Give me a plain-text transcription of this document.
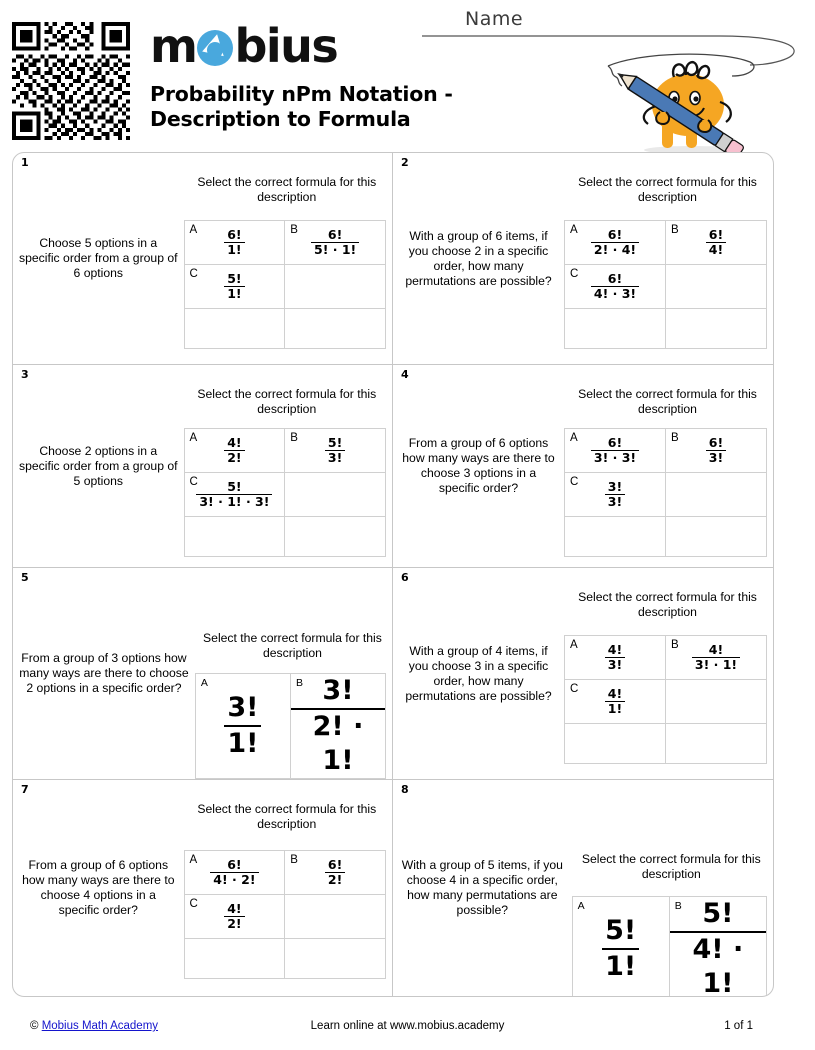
m bius
Probability nPm Notation - Description to Formula
Name
1
Choose 5 options in a specific order from a group of 6 options
Select the correct formula for this description
A $\frac{6!}{1!}$	B $\frac{6!}{5! \cdot 1!}$

C $\frac{5!}{1!}$

2
With a group of 6 items, if you choose 2 in a specific order, how many permutations are possible?
Select the correct formula for this description
A $\frac{6!}{2! \cdot 4!}$	B $\frac{6!}{4!}$

C $\frac{6!}{4! \cdot 3!}$

3
Choose 2 options in a specific order from a group of 5 options
Select the correct formula for this description
A $\frac{4!}{2!}$	B $\frac{5!}{3!}$

C
$\frac{5!}{3! \cdot 1! \cdot 3!}$

4
From a group of 6 options how many ways are there to choose 3 options in a specific order?
Select the correct formula for this description
A $\frac{6!}{3! \cdot 3!}$	B $\frac{6!}{3!}$

C $\frac{3!}{3!}$

5
From a group of 3 options how many ways are there to choose 2 options in a specific order?
Select the correct formula for this description
A
$\frac{3!}{1!}$

B
$\frac{3!}{2! \cdot 1!}$
6
With a group of 4 items, if you choose 3 in a specific order, how many permutations are possible?
Select the correct formula for this description
A $\frac{4!}{3!}$	B $\frac{4!}{3! \cdot 1!}$

C $\frac{4!}{1!}$

7
From a group of 6 options how many ways are there to choose 4 options in a specific order?
Select the correct formula for this description
A $\frac{6!}{4! \cdot 2!}$	B $\frac{6!}{2!}$

C $\frac{4!}{2!}$

8
With a group of 5 items, if you choose 4 in a specific order, how many permutations are possible?
Select the correct formula for this description
A
$\frac{5!}{1!}$

B
$\frac{5!}{4! \cdot 1!}$
© Mobius Math Academy	Learn online at www.mobius.academy	1 of 1
